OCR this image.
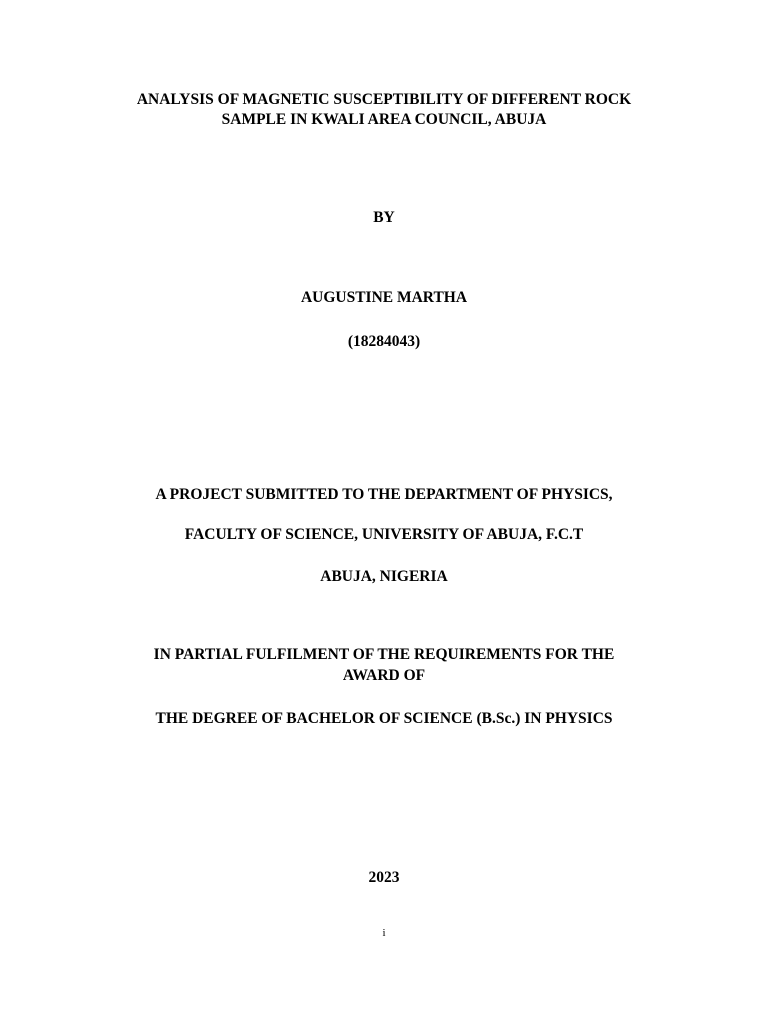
ANALYSIS OF MAGNETIC SUSCEPTIBILITY OF DIFFERENT ROCK
SAMPLE IN KWALI AREA COUNCIL, ABUJA
BY
AUGUSTINE MARTHA
(18284043)
A PROJECT SUBMITTED TO THE DEPARTMENT OF PHYSICS,
FACULTY OF SCIENCE, UNIVERSITY OF ABUJA, F.C.T
ABUJA, NIGERIA
IN PARTIAL FULFILMENT OF THE REQUIREMENTS FOR THE
AWARD OF
THE DEGREE OF BACHELOR OF SCIENCE (B.Sc.) IN PHYSICS
2023
i
